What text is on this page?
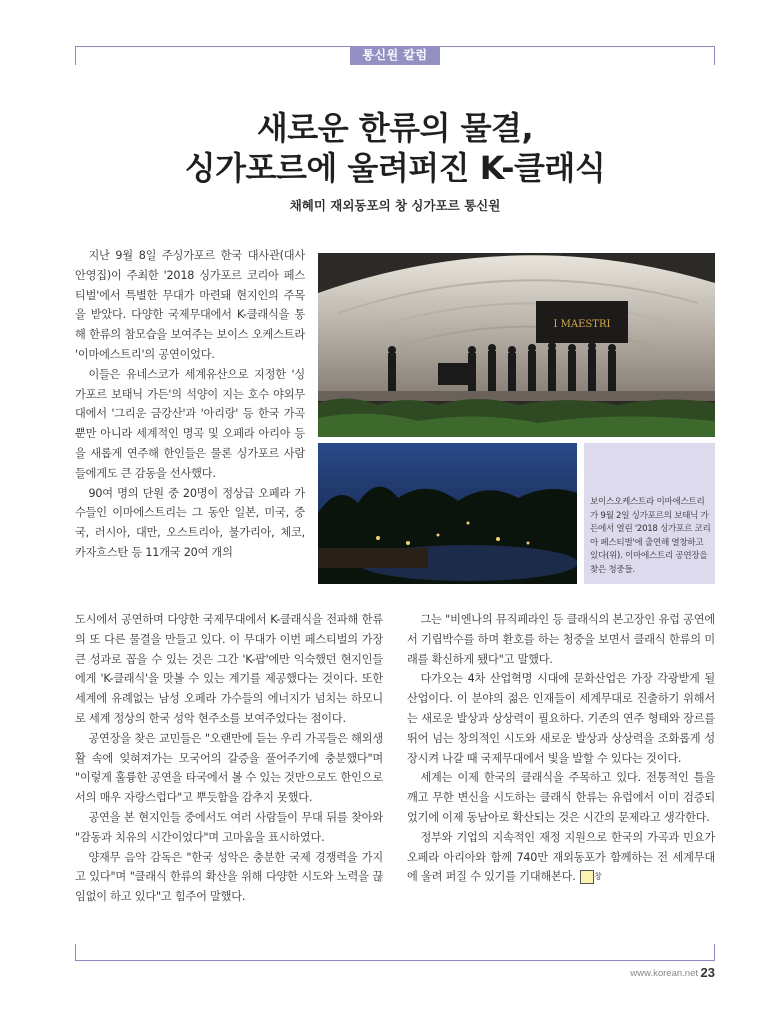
통신원 칼럼
새로운 한류의 물결,
싱가포르에 울려퍼진 K-클래식
채혜미 재외동포의 창 싱가포르 통신원

지난 9월 8일 주싱가포르 한국 대사관(대사 안영집)이 주최한 '2018 싱가포르 코리아 페스티벌'에서 특별한 무대가 마련돼 현지인의 주목을 받았다. 다양한 국제무대에서 K-클래식을 통해 한류의 참모습을 보여주는 보이스 오케스트라 '이마에스트리'의 공연이었다.

이들은 유네스코가 세계유산으로 지정한 '싱가포르 보태닉 가든'의 석양이 지는 호수 야외무대에서 '그리운 금강산'과 '아리랑' 등 한국 가곡뿐만 아니라 세계적인 명곡 및 오페라 아리아 등을 새롭게 연주해 한인들은 물론 싱가포르 사람들에게도 큰 감동을 선사했다.

90여 명의 단원 중 20명이 정상급 오페라 가수들인 이마에스트리는 그 동안 일본, 미국, 중국, 러시아, 대만, 오스트리아, 불가리아, 체코, 카자흐스탄 등 11개국 20여 개의

I MAESTRI
보이스오케스트라 이마에스트리가 9월 2일 싱가포르의 보태닉 가든에서 열린 '2018 싱가포르 코리아 페스티벌'에 출연해 열창하고 있다(위). 이마에스트리 공연장을 찾은 청중들.

도시에서 공연하며 다양한 국제무대에서 K-클래식을 전파해 한류의 또 다른 물결을 만들고 있다. 이 무대가 이번 페스티벌의 가장 큰 성과로 꼽을 수 있는 것은 그간 'K-팝'에만 익숙했던 현지인들에게 'K-클래식'을 맛볼 수 있는 계기를 제공했다는 것이다. 또한 세계에 유례없는 남성 오페라 가수들의 에너지가 넘치는 하모니로 세계 정상의 한국 성악 현주소를 보여주었다는 점이다.

공연장을 찾은 교민들은 "오랜만에 듣는 우리 가곡들은 해외생활 속에 잊혀져가는 모국어의 갈증을 풀어주기에 충분했다"며 "이렇게 훌륭한 공연을 타국에서 볼 수 있는 것만으로도 한인으로서의 매우 자랑스럽다"고 뿌듯함을 감추지 못했다.

공연을 본 현지인들 중에서도 여러 사람들이 무대 뒤를 찾아와 "감동과 치유의 시간이었다"며 고마움을 표시하였다.

양재무 음악 감독은 "한국 성악은 충분한 국제 경쟁력을 가지고 있다"며 "클래식 한류의 확산을 위해 다양한 시도와 노력을 끊임없이 하고 있다"고 힘주어 말했다.

그는 "비엔나의 뮤직페라인 등 클래식의 본고장인 유럽 공연에서 기립박수를 하며 환호를 하는 청중을 보면서 클래식 한류의 미래를 확신하게 됐다"고 말했다.

다가오는 4차 산업혁명 시대에 문화산업은 가장 각광받게 될 산업이다. 이 분야의 젊은 인재들이 세계무대로 진출하기 위해서는 새로운 발상과 상상력이 필요하다. 기존의 연주 형태와 장르를 뛰어 넘는 창의적인 시도와 새로운 발상과 상상력을 조화롭게 성장시켜 나갈 때 국제무대에서 빛을 발할 수 있다는 것이다.

세계는 이제 한국의 클래식을 주목하고 있다. 전통적인 틀을 깨고 무한 변신을 시도하는 클래식 한류는 유럽에서 이미 검증되었기에 이제 동남아로 확산되는 것은 시간의 문제라고 생각한다.

정부와 기업의 지속적인 재정 지원으로 한국의 가곡과 민요가 오페라 아리아와 함께 740만 재외동포가 함께하는 전 세계무대에 울려 퍼질 수 있기를 기대해본다. 창

www.korean.net 23
